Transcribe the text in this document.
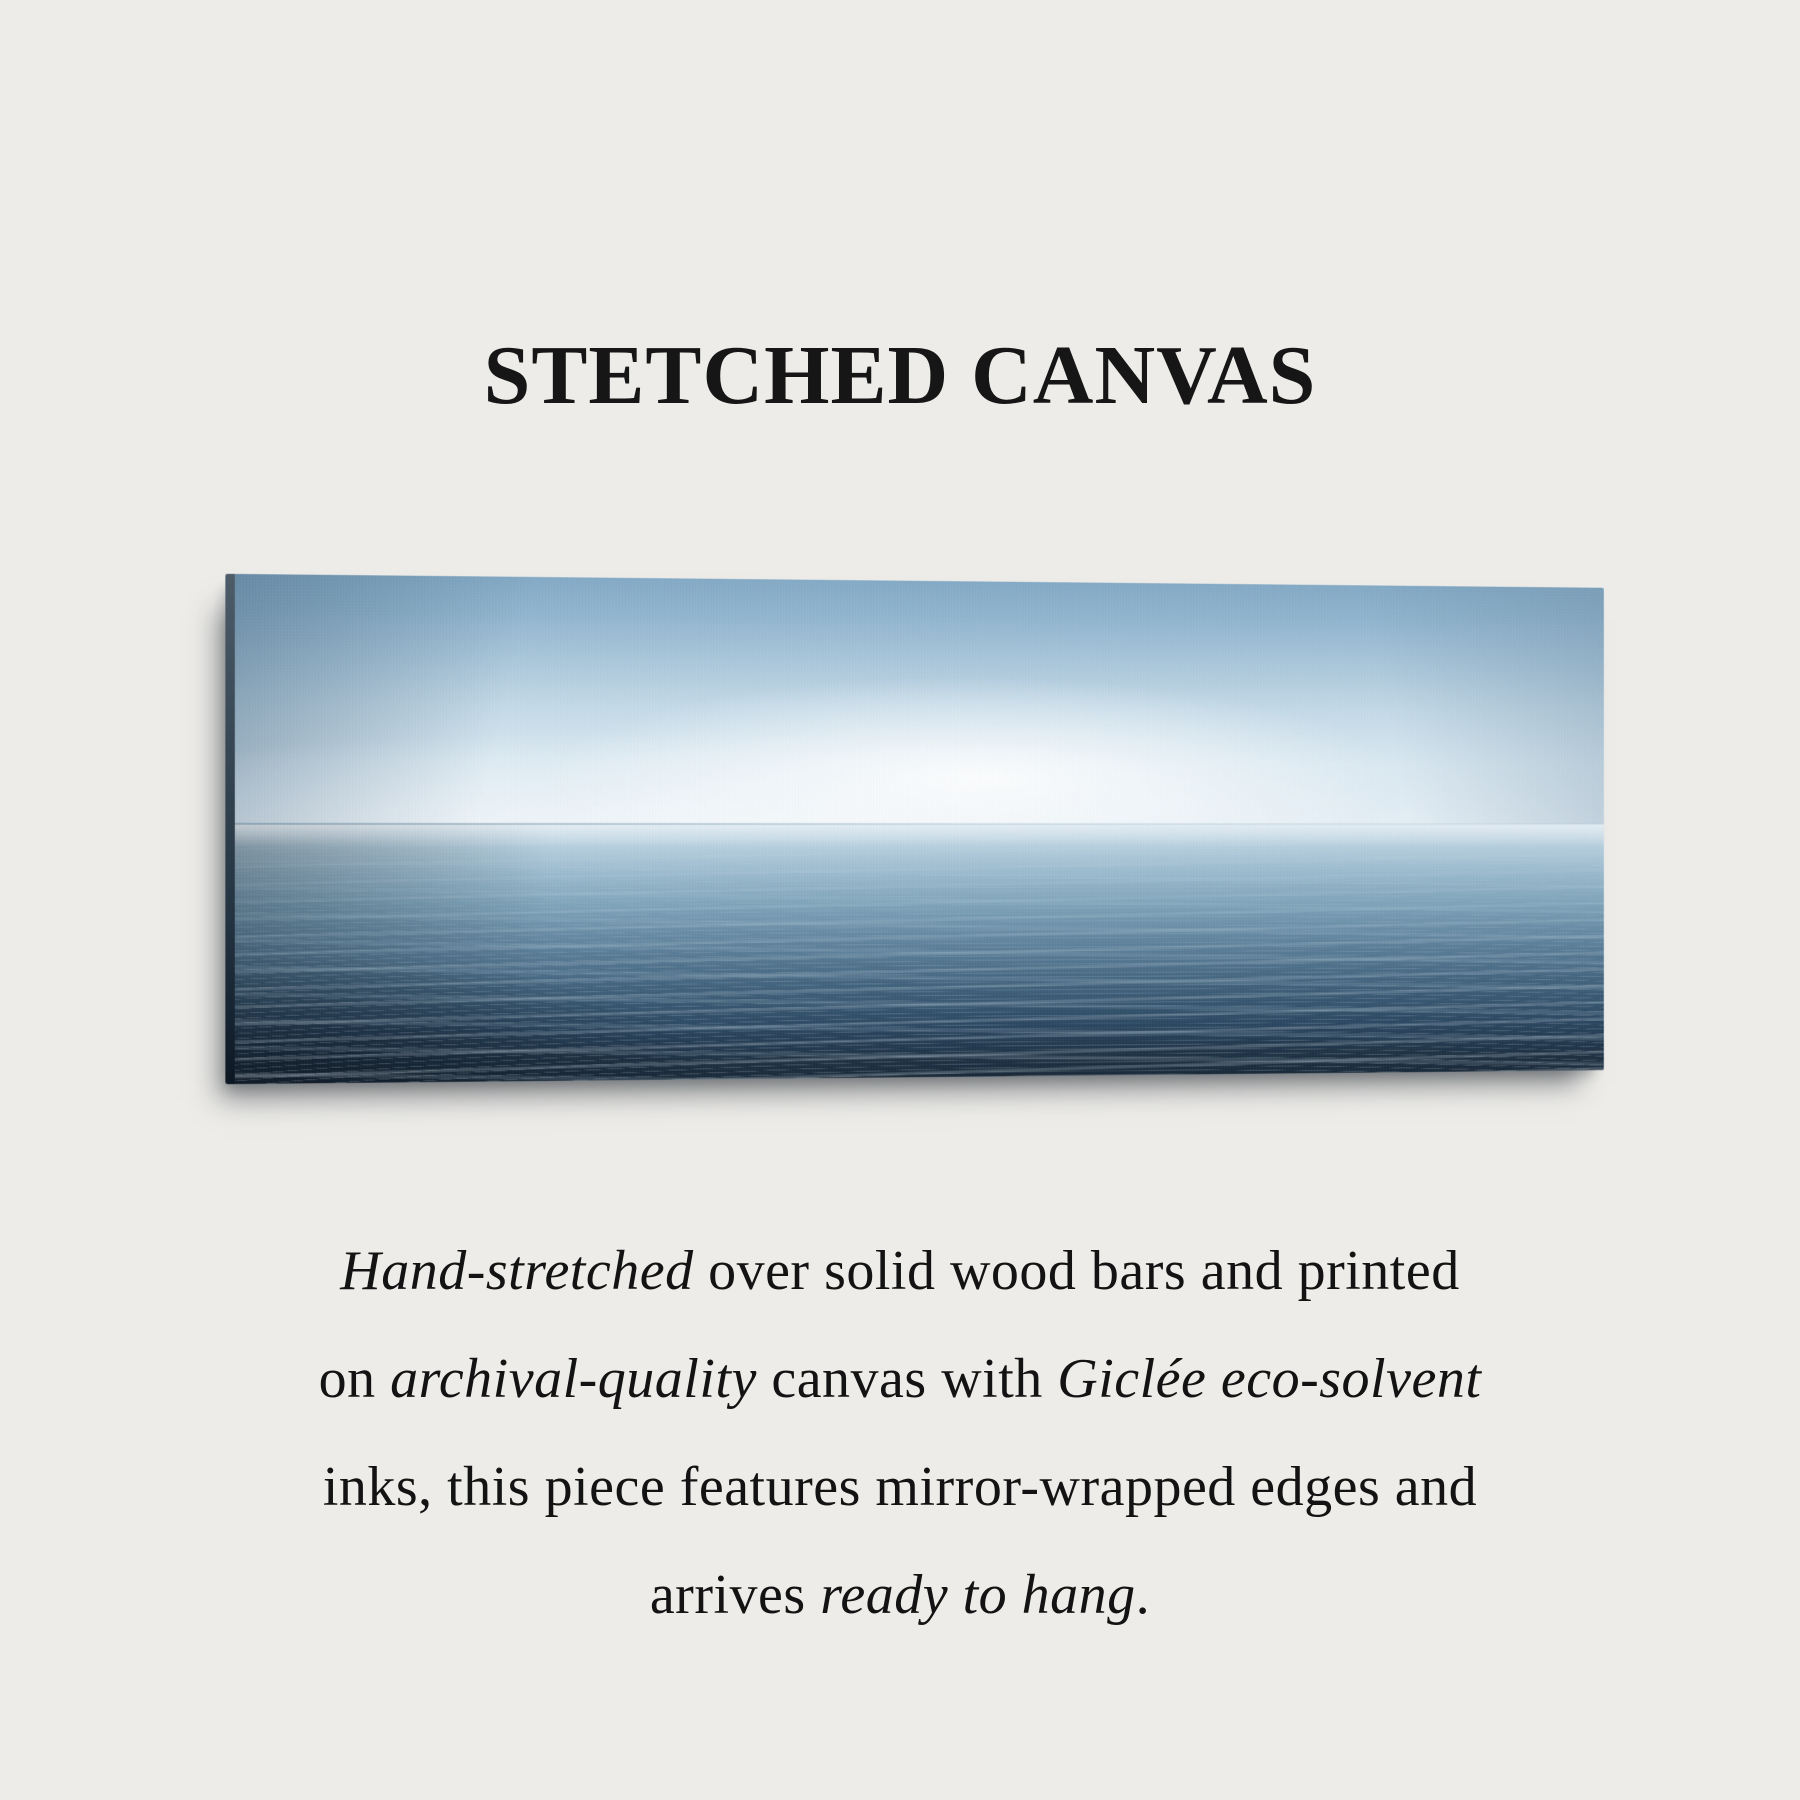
STETCHED CANVAS

Hand-stretched over solid wood bars and printed

on archival-quality canvas with Giclée eco-solvent

inks, this piece features mirror-wrapped edges and

arrives ready to hang.
